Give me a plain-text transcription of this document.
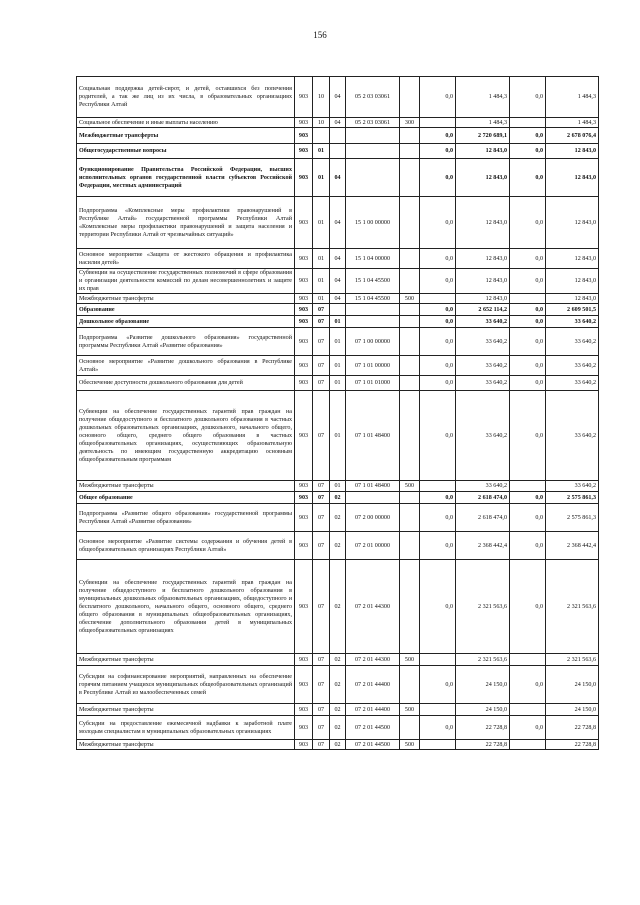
156
Социальная поддержка детей-сирот, и детей, оставшихся без попечения родителей, а так же лиц из их числа, в образовательных организациях Республики Алтай	903	10	04	05 2 03 03061		0,0	1 484,3	0,0	1 484,3
Социальное обеспечение и иные выплаты населению	903	10	04	05 2 03 03061	300		1 484,3		1 484,3
Межбюджетные трансферты	903					0,0	2 720 689,1	0,0	2 678 076,4
Общегосударственные вопросы	903	01				0,0	12 843,0	0,0	12 843,0
Функционирование Правительства Российской Федерации, высших исполнительных органов государственной власти субъектов Российской Федерации, местных администраций	903	01	04			0,0	12 843,0	0,0	12 843,0
Подпрограмма «Комплексные меры профилактики правонарушений в Республике Алтай» государственной программы Республики Алтай «Комплексные меры профилактики правонарушений и защита населения и территории Республики Алтай от чрезвычайных ситуаций»	903	01	04	15 1 00 00000		0,0	12 843,0	0,0	12 843,0
Основное мероприятие «Защита от жестокого обращения и профилактика насилия детей»	903	01	04	15 1 04 00000		0,0	12 843,0	0,0	12 843,0
Субвенции на осуществление государственных полномочий в сфере образования и организации деятельности комиссий по делам несовершеннолетних и защите их прав	903	01	04	15 1 04 45500		0,0	12 843,0	0,0	12 843,0
Межбюджетные трансферты	903	01	04	15 1 04 45500	500		12 843,0		12 843,0
Образование	903	07				0,0	2 652 114,2	0,0	2 609 501,5
Дошкольное образование	903	07	01			0,0	33 640,2	0,0	33 640,2
Подпрограмма «Развитие дошкольного образования» государственной программы Республики Алтай «Развитие образования»	903	07	01	07 1 00 00000		0,0	33 640,2	0,0	33 640,2
Основное мероприятие «Развитие дошкольного образования в Республике Алтай»	903	07	01	07 1 01 00000		0,0	33 640,2	0,0	33 640,2
Обеспечение доступности дошкольного образования для детей	903	07	01	07 1 01 01000		0,0	33 640,2	0,0	33 640,2
Субвенции на обеспечение государственных гарантий прав граждан на получение общедоступного и бесплатного дошкольного образования в частных дошкольных образовательных организациях, дошкольного, начального общего, основного общего, среднего общего образования в частных общеобразовательных организациях, осуществляющих образовательную деятельность по имеющим государственную аккредитацию основным общеобразовательным программам	903	07	01	07 1 01 48400		0,0	33 640,2	0,0	33 640,2
Межбюджетные трансферты	903	07	01	07 1 01 48400	500		33 640,2		33 640,2
Общее образование	903	07	02			0,0	2 618 474,0	0,0	2 575 861,3
Подпрограмма «Развитие общего образования» государственной программы Республики Алтай «Развитие образования»	903	07	02	07 2 00 00000		0,0	2 618 474,0	0,0	2 575 861,3
Основное мероприятие «Развитие системы содержания и обучения детей в общеобразовательных организациях Республики Алтай»	903	07	02	07 2 01 00000		0,0	2 368 442,4	0,0	2 368 442,4
Субвенции на обеспечение государственных гарантий прав граждан на получение общедоступного и бесплатного дошкольного образования в муниципальных дошкольных образовательных организациях, общедоступного и бесплатного дошкольного, начального общего, основного общего, среднего общего образования в муниципальных общеобразовательных организациях, обеспечение дополнительного образования детей в муниципальных общеобразовательных организациях	903	07	02	07 2 01 44300		0,0	2 321 563,6	0,0	2 321 563,6
Межбюджетные трансферты	903	07	02	07 2 01 44300	500		2 321 563,6		2 321 563,6
Субсидии на софинансирование мероприятий, направленных на обеспечение горячим питанием учащихся муниципальных общеобразовательных организаций в Республике Алтай из малообеспеченных семей	903	07	02	07 2 01 44400		0,0	24 150,0	0,0	24 150,0
Межбюджетные трансферты	903	07	02	07 2 01 44400	500		24 150,0		24 150,0
Субсидии на предоставление ежемесячной надбавки к заработной плате молодым специалистам в муниципальных образовательных организациях	903	07	02	07 2 01 44500		0,0	22 728,8	0,0	22 728,8
Межбюджетные трансферты	903	07	02	07 2 01 44500	500		22 728,8		22 728,8
